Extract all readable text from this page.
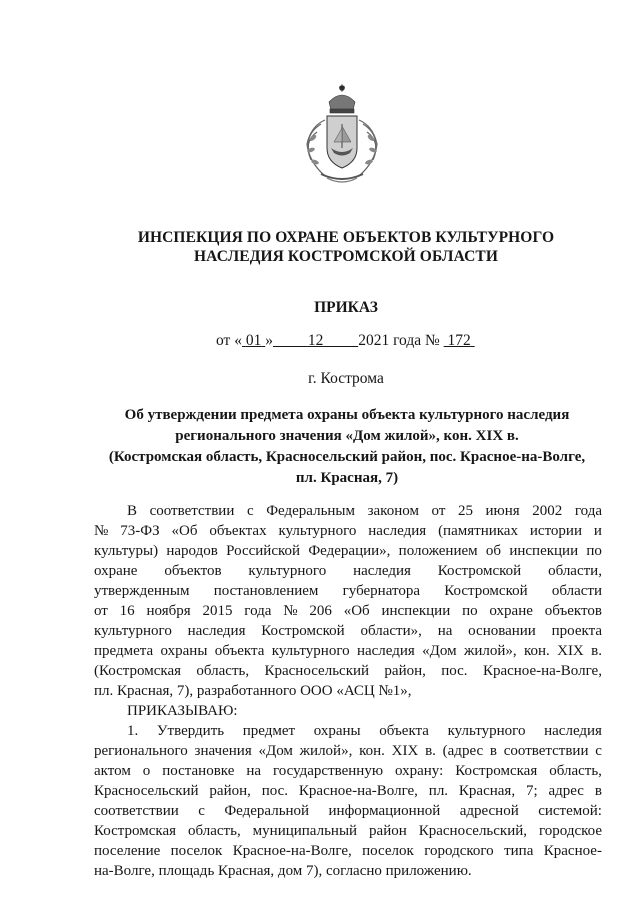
ИНСПЕКЦИЯ ПО ОХРАНЕ ОБЪЕКТОВ КУЛЬТУРНОГО
НАСЛЕДИЯ КОСТРОМСКОЙ ОБЛАСТИ
ПРИКАЗ
от « 01 » 12 2021 года № 172
г. Кострома
Об утверждении предмета охраны объекта культурного наследия
регионального значения «Дом жилой», кон. XIX в.
(Костромская область, Красносельский район, пос. Красное-на-Волге,
пл. Красная, 7)
В соответствии с Федеральным законом от 25 июня 2002 года
№ 73-ФЗ «Об объектах культурного наследия (памятниках истории и
культуры) народов Российской Федерации», положением об инспекции по
охране объектов культурного наследия Костромской области,
утвержденным постановлением губернатора Костромской области
от 16 ноября 2015 года № 206 «Об инспекции по охране объектов
культурного наследия Костромской области», на основании проекта
предмета охраны объекта культурного наследия «Дом жилой», кон. XIX в.
(Костромская область, Красносельский район, пос. Красное-на-Волге,
пл. Красная, 7), разработанного ООО «АСЦ №1»,
ПРИКАЗЫВАЮ:
1. Утвердить предмет охраны объекта культурного наследия
регионального значения «Дом жилой», кон. XIX в. (адрес в соответствии с
актом о постановке на государственную охрану: Костромская область,
Красносельский район, пос. Красное-на-Волге, пл. Красная, 7; адрес в
соответствии с Федеральной информационной адресной системой:
Костромская область, муниципальный район Красносельский, городское
поселение поселок Красное-на-Волге, поселок городского типа Красное-
на-Волге, площадь Красная, дом 7), согласно приложению.
